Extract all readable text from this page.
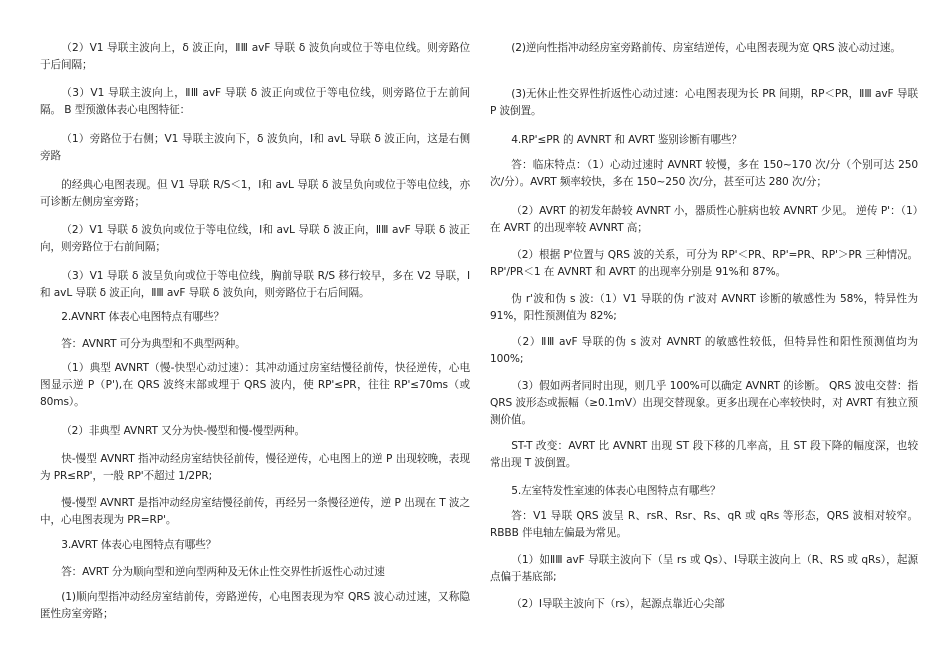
（2）V1 导联主波向上，δ 波正向，ⅡⅢ avF 导联 δ 波负向或位于等电位线。则旁路位于后间隔；

（3）V1 导联主波向上，ⅡⅢ avF 导联 δ 波正向或位于等电位线，则旁路位于左前间隔。 B 型预激体表心电图特征：

（1）旁路位于右侧；V1 导联主波向下，δ 波负向，Ⅰ和 avL 导联 δ 波正向，这是右侧旁路

的经典心电图表现。但 V1 导联 R/S＜1，Ⅰ和 avL 导联 δ 波呈负向或位于等电位线，亦可诊断左侧房室旁路；

（2）V1 导联 δ 波负向或位于等电位线，Ⅰ和 avL 导联 δ 波正向，ⅡⅢ avF 导联 δ 波正向，则旁路位于右前间隔；

（3）V1 导联 δ 波呈负向或位于等电位线，胸前导联 R/S 移行较早，多在 V2 导联，Ⅰ和 avL 导联 δ 波正向，ⅡⅢ avF 导联 δ 波负向，则旁路位于右后间隔。

2.AVNRT 体表心电图特点有哪些？

答：AVNRT 可分为典型和不典型两种。

（1）典型 AVNRT（慢-快型心动过速）：其冲动通过房室结慢径前传，快径逆传，心电图显示逆 P（P'),在 QRS 波终末部或埋于 QRS 波内，使 RP'≤PR，往往 RP'≤70ms（或 80ms）。

（2）非典型 AVNRT 又分为快-慢型和慢-慢型两种。

快-慢型 AVNRT 指冲动经房室结快径前传，慢径逆传，心电图上的逆 P 出现较晚，表现为 PR≤RP'，一般 RP'不超过 1/2PR;

慢-慢型 AVNRT 是指冲动经房室结慢径前传，再经另一条慢径逆传，逆 P 出现在 T 波之中，心电图表现为 PR=RP'。

3.AVRT 体表心电图特点有哪些？

答：AVRT 分为顺向型和逆向型两种及无休止性交界性折返性心动过速

(1)顺向型指冲动经房室结前传，旁路逆传，心电图表现为窄 QRS 波心动过速，又称隐匿性房室旁路；

(2)逆向性指冲动经房室旁路前传、房室结逆传，心电图表现为宽 QRS 波心动过速。

(3)无休止性交界性折返性心动过速：心电图表现为长 PR 间期，RP＜PR，ⅡⅢ avF 导联 P 波倒置。

4.RP'≤PR 的 AVNRT 和 AVRT 鉴别诊断有哪些？

答：临床特点：（1）心动过速时 AVNRT 较慢，多在 150~170 次/分（个别可达 250 次/分）。AVRT 频率较快，多在 150~250 次/分，甚至可达 280 次/分；

（2）AVRT 的初发年龄较 AVNRT 小，器质性心脏病也较 AVNRT 少见。 逆传 P'：（1）在 AVRT 的出现率较 AVNRT 高；

（2）根据 P'位置与 QRS 波的关系，可分为 RP'＜PR、RP'=PR、RP'＞PR 三种情况。RP'/PR＜1 在 AVNRT 和 AVRT 的出现率分别是 91%和 87%。

伪 r'波和伪 s 波:（1）V1 导联的伪 r'波对 AVNRT 诊断的敏感性为 58%，特异性为 91%，阳性预测值为 82%;

（2）ⅡⅢ avF 导联的伪 s 波对 AVNRT 的敏感性较低，但特异性和阳性预测值均为 100%;

（3）假如两者同时出现，则几乎 100%可以确定 AVNRT 的诊断。 QRS 波电交替：指 QRS 波形态或振幅（≥0.1mV）出现交替现象。更多出现在心率较快时，对 AVRT 有独立预测价值。

ST-T 改变：AVRT 比 AVNRT 出现 ST 段下移的几率高，且 ST 段下降的幅度深，也较常出现 T 波倒置。

5.左室特发性室速的体表心电图特点有哪些？

答：V1 导联 QRS 波呈 R、rsR、Rsr、Rs、qR 或 qRs 等形态，QRS 波相对较窄。RBBB 伴电轴左偏最为常见。

（1）如ⅡⅢ avF 导联主波向下（呈 rs 或 Qs）、Ⅰ导联主波向上（R、RS 或 qRs），起源点偏于基底部;

（2）Ⅰ导联主波向下（rs），起源点靠近心尖部
